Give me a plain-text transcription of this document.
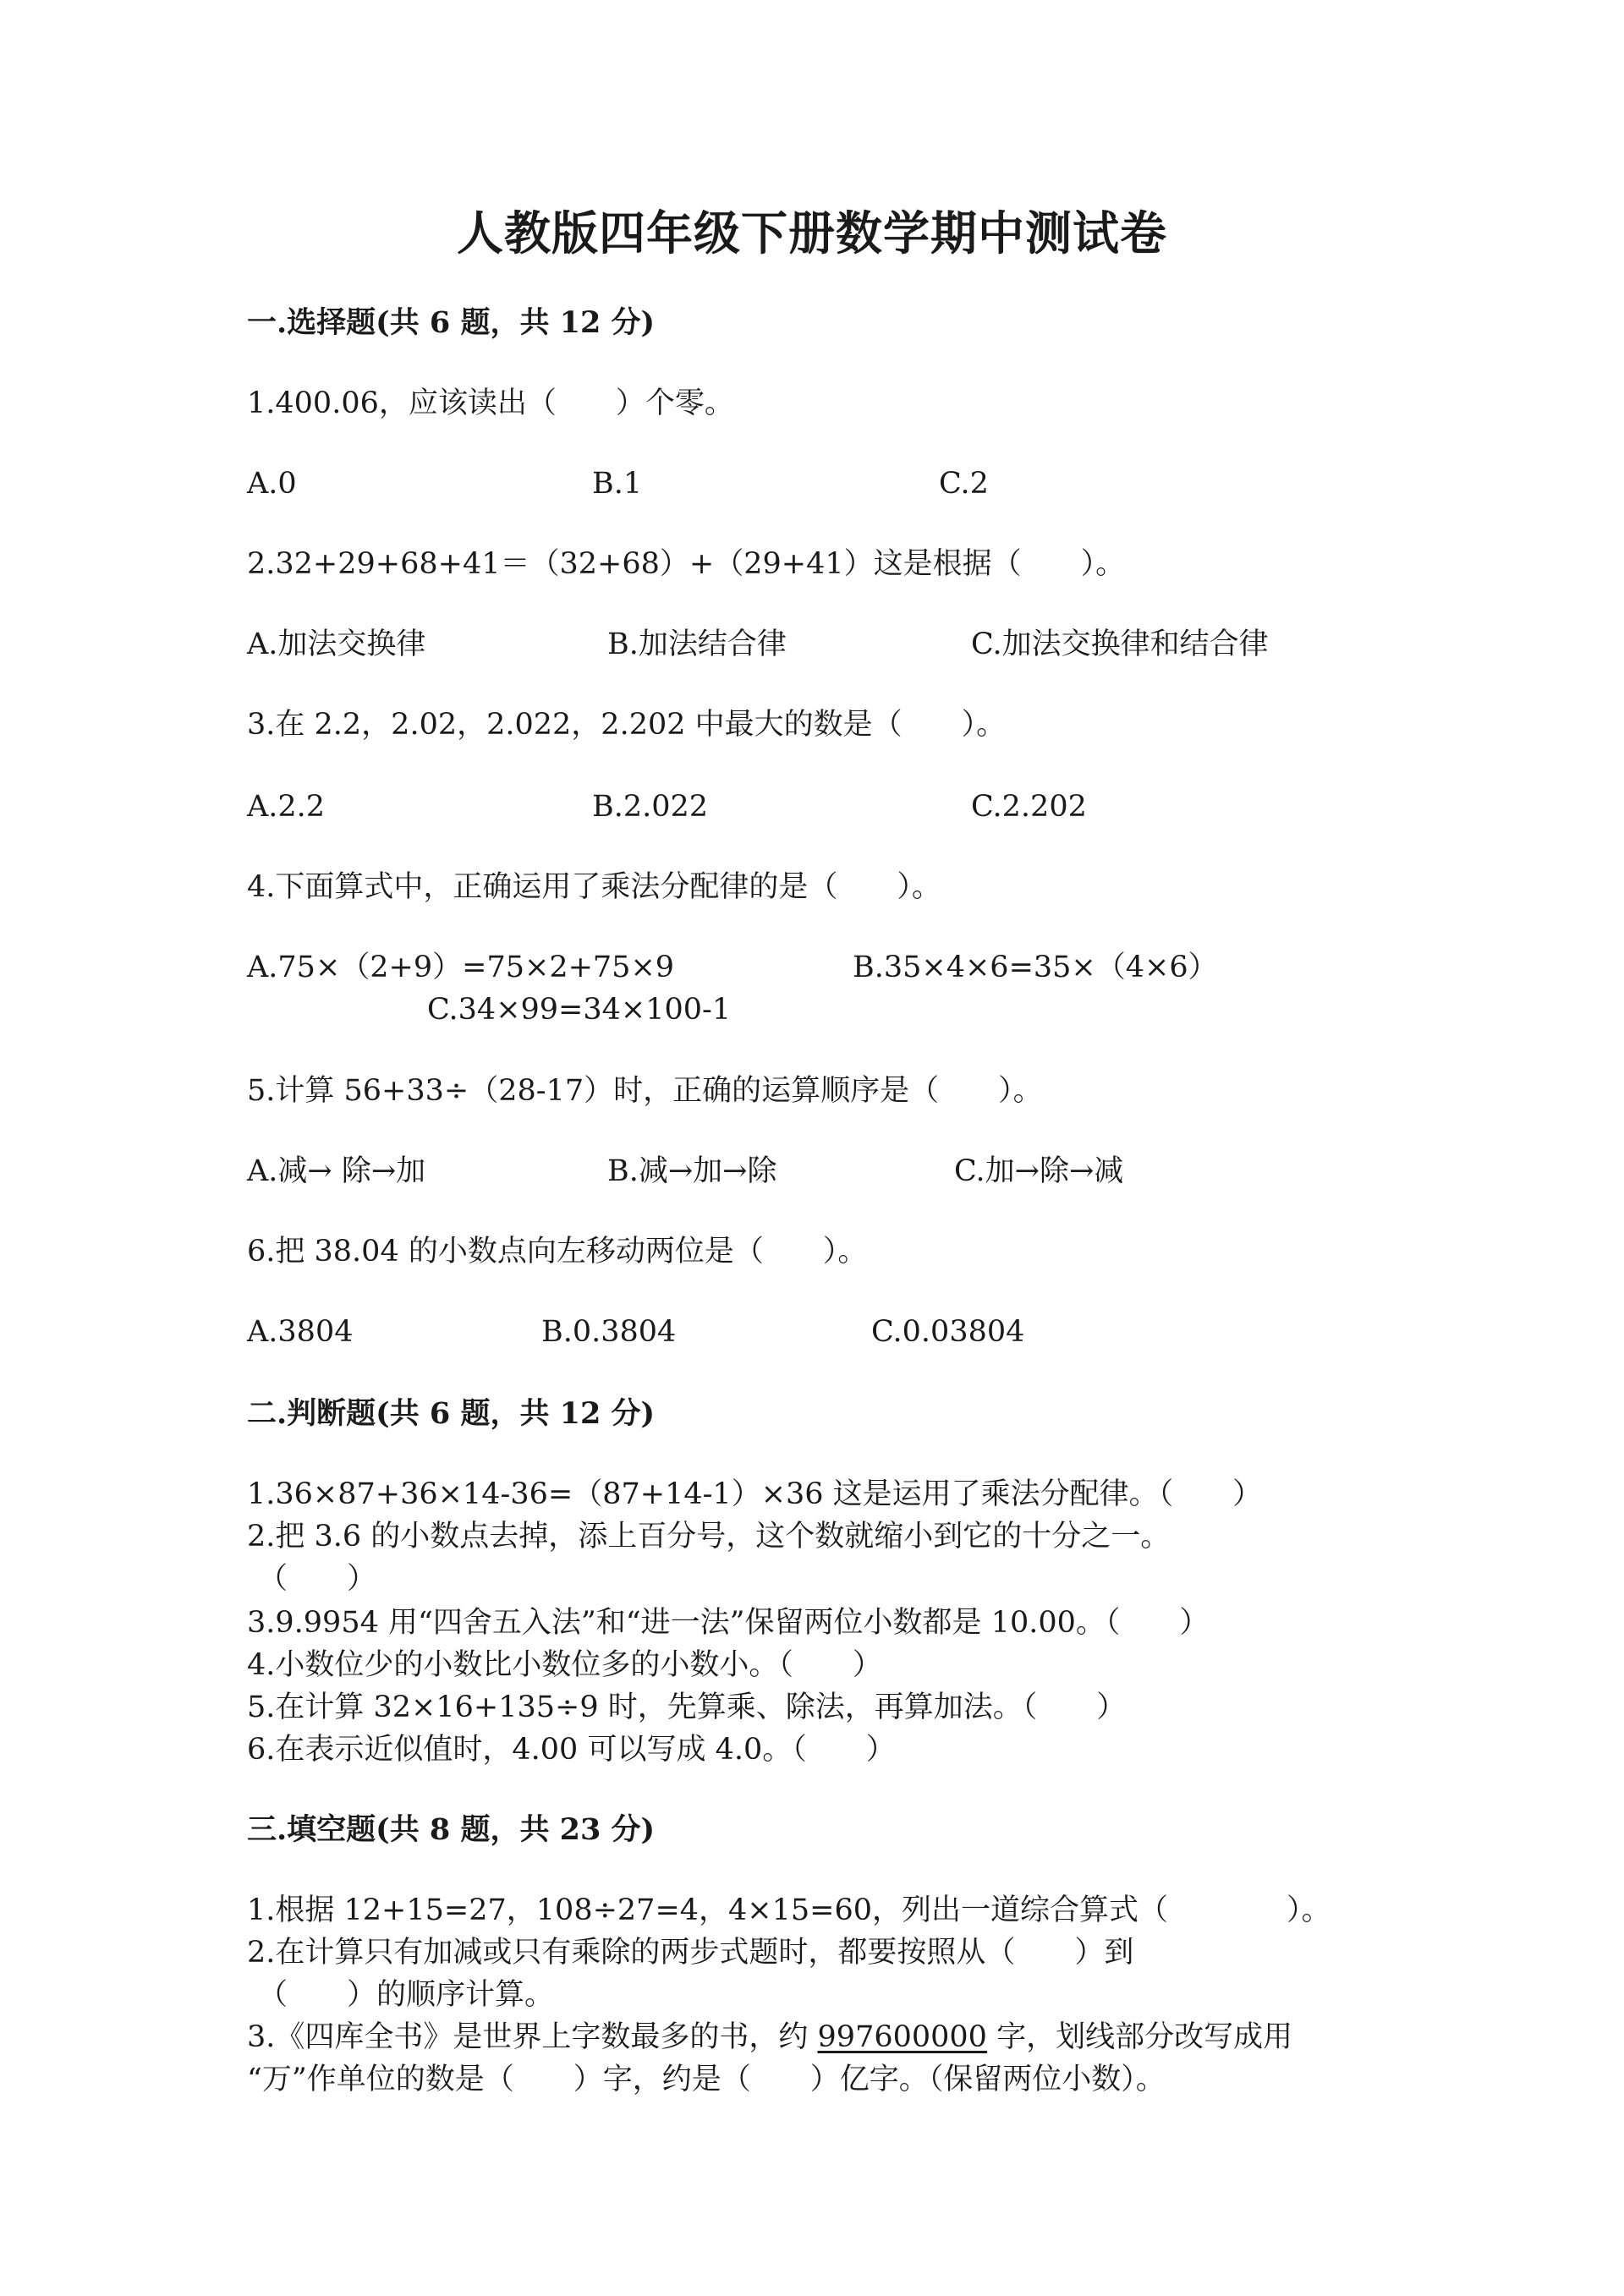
人教版四年级下册数学期中测试卷
一.选择题(共 6 题，共 12 分)
1.400.06，应该读出（　　）个零。
A.0	B.1	C.2
2.32+29+68+41＝（32+68）+（29+41）这是根据（　　）。
A.加法交换律	B.加法结合律	C.加法交换律和结合律
3.在 2.2，2.02，2.022，2.202 中最大的数是（　　）。
A.2.2	B.2.022	C.2.202
4.下面算式中，正确运用了乘法分配律的是（　　）。
A.75×（2+9）=75×2+75×9	B.35×4×6=35×（4×6）
C.34×99=34×100-1
5.计算 56+33÷（28-17）时，正确的运算顺序是（　　）。
A.减→ 除→加	B.减→加→除	C.加→除→减
6.把 38.04 的小数点向左移动两位是（　　）。
A.3804	B.0.3804	C.0.03804
二.判断题(共 6 题，共 12 分)
1.36×87+36×14-36=（87+14-1）×36 这是运用了乘法分配律。（　　）
2.把 3.6 的小数点去掉，添上百分号，这个数就缩小到它的十分之一。
（　　）
3.9.9954 用“四舍五入法”和“进一法”保留两位小数都是 10.00。（　　）
4.小数位少的小数比小数位多的小数小。（　　）
5.在计算 32×16+135÷9 时，先算乘、除法，再算加法。（　　）
6.在表示近似值时，4.00 可以写成 4.0。（　　）
三.填空题(共 8 题，共 23 分)
1.根据 12+15=27，108÷27=4，4×15=60，列出一道综合算式（　　　　）。
2.在计算只有加减或只有乘除的两步式题时，都要按照从（　　）到
（　　）的顺序计算。
3.《四库全书》是世界上字数最多的书，约 997600000 字，划线部分改写成用
“万”作单位的数是（　　）字，约是（　　）亿字。（保留两位小数）。
